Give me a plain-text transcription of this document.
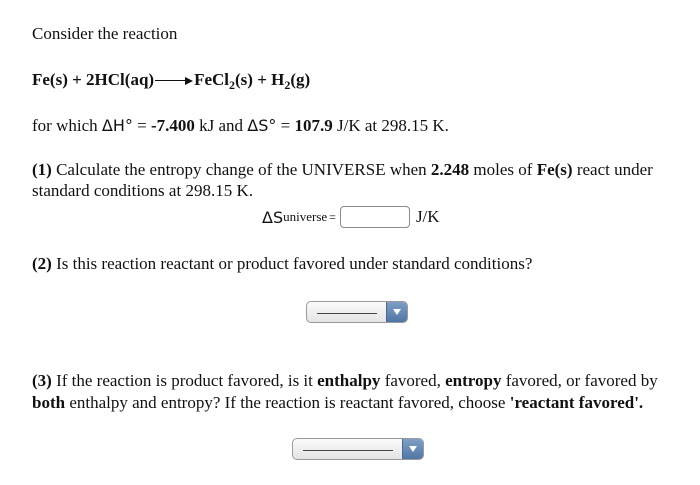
Consider the reaction
Fe(s) + 2HCl(aq) FeCl$_2$(s) + $H_2(g)$
for which ΔH° = -7.400 kJ and ΔS° = 107.9 J/K at 298.15 K.
(1) Calculate the entropy change of the UNIVERSE when 2.248 moles of Fe(s) react under
standard conditions at 298.15 K.
ΔS universe =	J/K
(2) Is this reaction reactant or product favored under standard conditions?
(3) If the reaction is product favored, is it enthalpy favored, entropy favored, or favored by
both enthalpy and entropy? If the reaction is reactant favored, choose 'reactant favored'.
